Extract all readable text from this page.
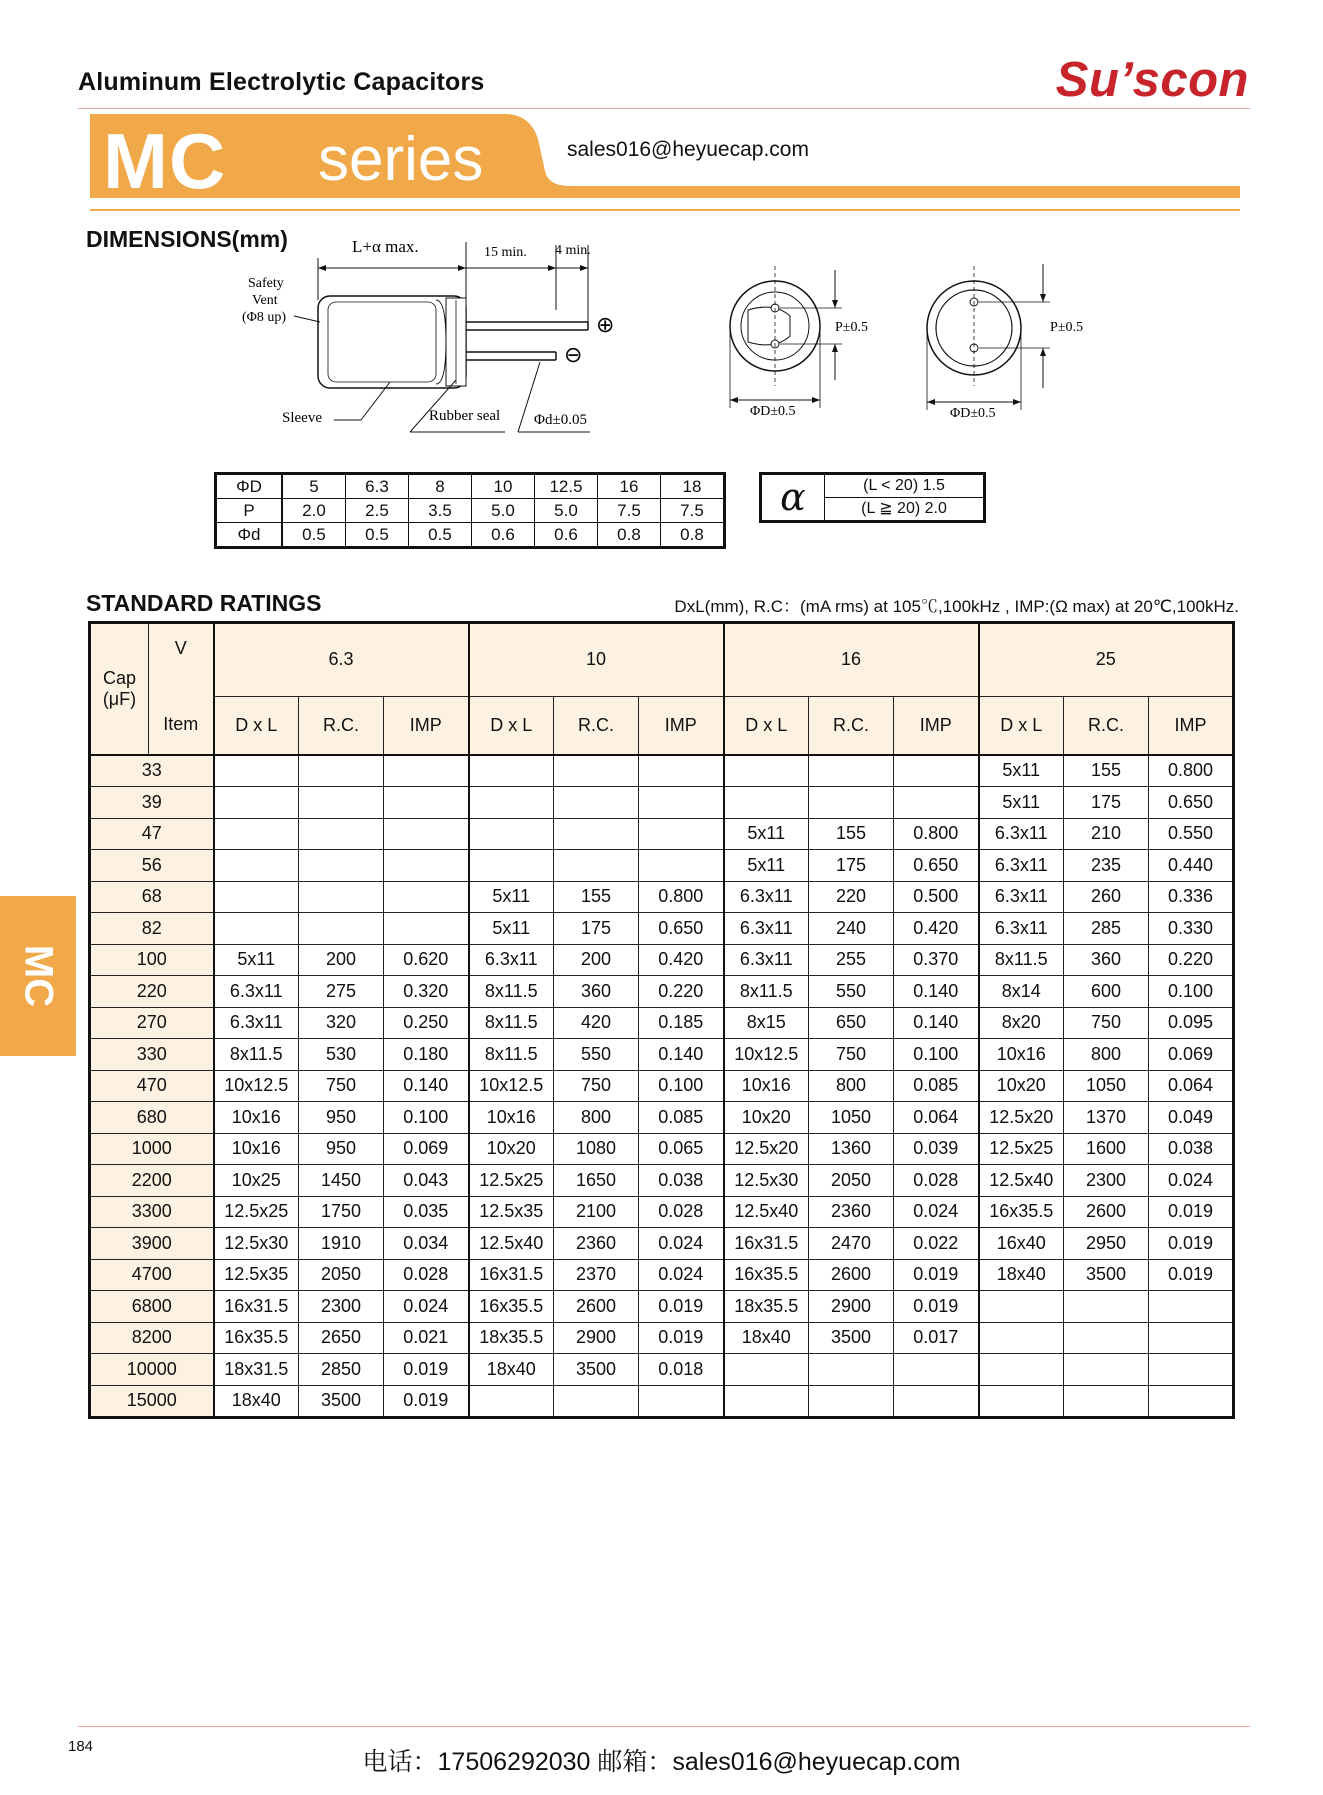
Aluminum Electrolytic Capacitors	Su’scon
MC series	sales016@heyuecap.com
DIMENSIONS(mm)	L+α max.	15 min. 4 min.
⊕
⊖
Safety
Vent
(Φ8 up)
Sleeve	Rubber seal Φd±0.05
P±0.5
ΦD±0.5
P±0.5
ΦD±0.5
ΦD	5	6.3	8	10	12.5	16	18
P	2.0	2.5	3.5	5.0	5.0	7.5	7.5
Φd	0.5	0.5	0.5	0.6	0.6	0.8	0.8
α	(L < 20) 1.5
(L ≧ 20) 2.0
STANDARD RATINGS	DxL(mm), R.C：(mA rms) at 105℃,100kHz , IMP:(Ω max) at 20℃,100kHz.
Cap
(μF)	V	6.3			10			16			25		
	Item	D x L	R.C.	IMP	D x L	R.C.	IMP	D x L	R.C.	IMP	D x L	R.C.	IMP
33											5x11	155	0.800
39											5x11	175	0.650
47								5x11	155	0.800	6.3x11	210	0.550
56								5x11	175	0.650	6.3x11	235	0.440
68					5x11	155	0.800	6.3x11	220	0.500	6.3x11	260	0.336
82					5x11	175	0.650	6.3x11	240	0.420	6.3x11	285	0.330
100		5x11	200	0.620	6.3x11	200	0.420	6.3x11	255	0.370	8x11.5	360	0.220
220		6.3x11	275	0.320	8x11.5	360	0.220	8x11.5	550	0.140	8x14	600	0.100
270		6.3x11	320	0.250	8x11.5	420	0.185	8x15	650	0.140	8x20	750	0.095
330		8x11.5	530	0.180	8x11.5	550	0.140	10x12.5	750	0.100	10x16	800	0.069
470		10x12.5	750	0.140	10x12.5	750	0.100	10x16	800	0.085	10x20	1050	0.064
680		10x16	950	0.100	10x16	800	0.085	10x20	1050	0.064	12.5x20	1370	0.049
1000		10x16	950	0.069	10x20	1080	0.065	12.5x20	1360	0.039	12.5x25	1600	0.038
2200		10x25	1450	0.043	12.5x25	1650	0.038	12.5x30	2050	0.028	12.5x40	2300	0.024
3300		12.5x25	1750	0.035	12.5x35	2100	0.028	12.5x40	2360	0.024	16x35.5	2600	0.019
3900		12.5x30	1910	0.034	12.5x40	2360	0.024	16x31.5	2470	0.022	16x40	2950	0.019
4700		12.5x35	2050	0.028	16x31.5	2370	0.024	16x35.5	2600	0.019	18x40	3500	0.019
6800		16x31.5	2300	0.024	16x35.5	2600	0.019	18x35.5	2900	0.019			
8200		16x35.5	2650	0.021	18x35.5	2900	0.019	18x40	3500	0.017			
10000		18x31.5	2850	0.019	18x40	3500	0.018						
15000		18x40	3500	0.019									
MC
184
电话：17506292030 邮箱：sales016@heyuecap.com
